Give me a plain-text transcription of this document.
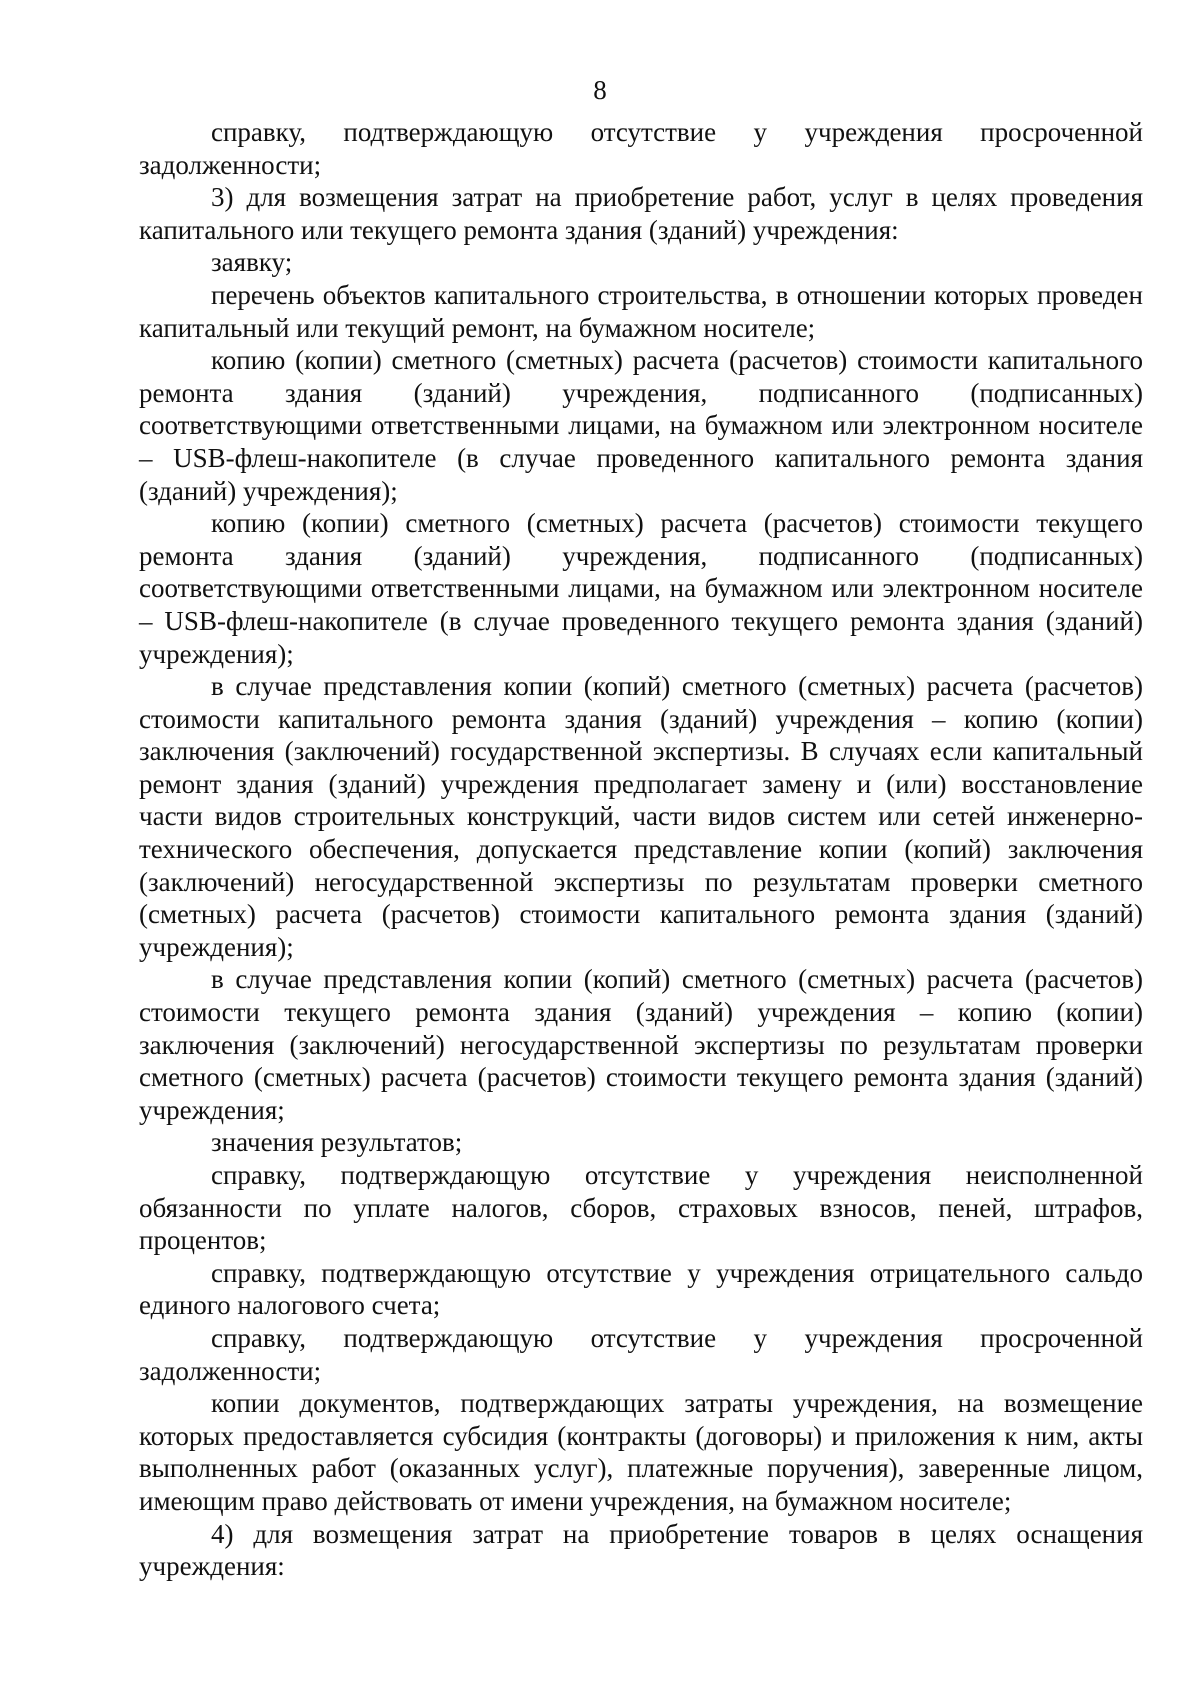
8

справку, подтверждающую отсутствие у учреждения просроченной задолженности;

3) для возмещения затрат на приобретение работ, услуг в целях проведения капитального или текущего ремонта здания (зданий) учреждения:

заявку;

перечень объектов капитального строительства, в отношении которых проведен капитальный или текущий ремонт, на бумажном носителе;

копию (копии) сметного (сметных) расчета (расчетов) стоимости капитального ремонта здания (зданий) учреждения, подписанного (подписанных) соответствующими ответственными лицами, на бумажном или электронном носителе – USB-флеш-накопителе (в случае проведенного капитального ремонта здания (зданий) учреждения);

копию (копии) сметного (сметных) расчета (расчетов) стоимости текущего ремонта здания (зданий) учреждения, подписанного (подписанных) соответствующими ответственными лицами, на бумажном или электронном носителе – USB-флеш-накопителе (в случае проведенного текущего ремонта здания (зданий) учреждения);

в случае представления копии (копий) сметного (сметных) расчета (расчетов) стоимости капитального ремонта здания (зданий) учреждения – копию (копии) заключения (заключений) государственной экспертизы. В случаях если капитальный ремонт здания (зданий) учреждения предполагает замену и (или) восстановление части видов строительных конструкций, части видов систем или сетей инженерно-технического обеспечения, допускается представление копии (копий) заключения (заключений) негосударственной экспертизы по результатам проверки сметного (сметных) расчета (расчетов) стоимости капитального ремонта здания (зданий) учреждения);

в случае представления копии (копий) сметного (сметных) расчета (расчетов) стоимости текущего ремонта здания (зданий) учреждения – копию (копии) заключения (заключений) негосударственной экспертизы по результатам проверки сметного (сметных) расчета (расчетов) стоимости текущего ремонта здания (зданий) учреждения;

значения результатов;

справку, подтверждающую отсутствие у учреждения неисполненной обязанности по уплате налогов, сборов, страховых взносов, пеней, штрафов, процентов;

справку, подтверждающую отсутствие у учреждения отрицательного сальдо единого налогового счета;

справку, подтверждающую отсутствие у учреждения просроченной задолженности;

копии документов, подтверждающих затраты учреждения, на возмещение которых предоставляется субсидия (контракты (договоры) и приложения к ним, акты выполненных работ (оказанных услуг), платежные поручения), заверенные лицом, имеющим право действовать от имени учреждения, на бумажном носителе;

4) для возмещения затрат на приобретение товаров в целях оснащения учреждения:
